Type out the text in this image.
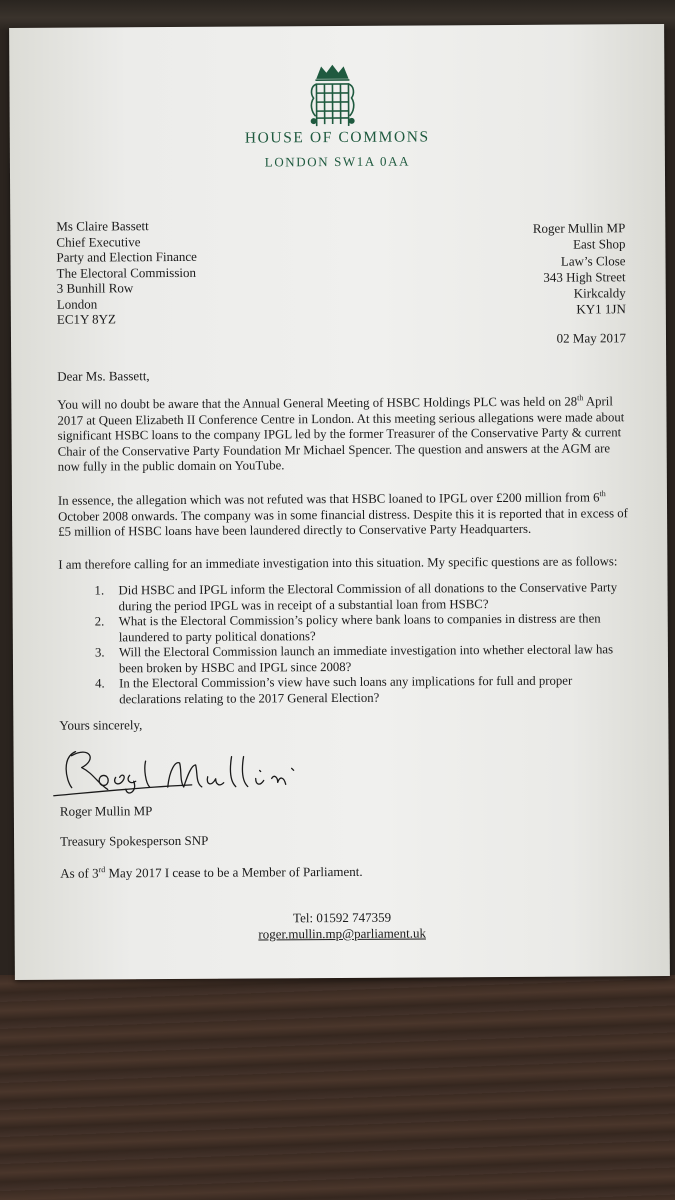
HOUSE OF COMMONS
LONDON SW1A 0AA
Ms Claire Bassett
Chief Executive
Party and Election Finance
The Electoral Commission
3 Bunhill Row
London
EC1Y 8YZ
Roger Mullin MP
East Shop
Law’s Close
343 High Street
Kirkcaldy
KY1 1JN
02 May 2017
Dear Ms. Bassett,

You will no doubt be aware that the Annual General Meeting of HSBC Holdings PLC was held on 28th April 2017 at Queen Elizabeth II Conference Centre in London. At this meeting serious allegations were made about significant HSBC loans to the company IPGL led by the former Treasurer of the Conservative Party & current Chair of the Conservative Party Foundation Mr Michael Spencer. The question and answers at the AGM are now fully in the public domain on YouTube.

In essence, the allegation which was not refuted was that HSBC loaned to IPGL over £200 million from 6th October 2008 onwards. The company was in some financial distress. Despite this it is reported that in excess of £5 million of HSBC loans have been laundered directly to Conservative Party Headquarters.

I am therefore calling for an immediate investigation into this situation. My specific questions are as follows:

1. Did HSBC and IPGL inform the Electoral Commission of all donations to the Conservative Party during the period IPGL was in receipt of a substantial loan from HSBC?
2. What is the Electoral Commission’s policy where bank loans to companies in distress are then laundered to party political donations?
3. Will the Electoral Commission launch an immediate investigation into whether electoral law has been broken by HSBC and IPGL since 2008?
4. In the Electoral Commission’s view have such loans any implications for full and proper declarations relating to the 2017 General Election?
Yours sincerely,
Roger Mullin MP
Treasury Spokesperson SNP
As of 3rd May 2017 I cease to be a Member of Parliament.
Tel: 01592 747359
roger.mullin.mp@parliament.uk
